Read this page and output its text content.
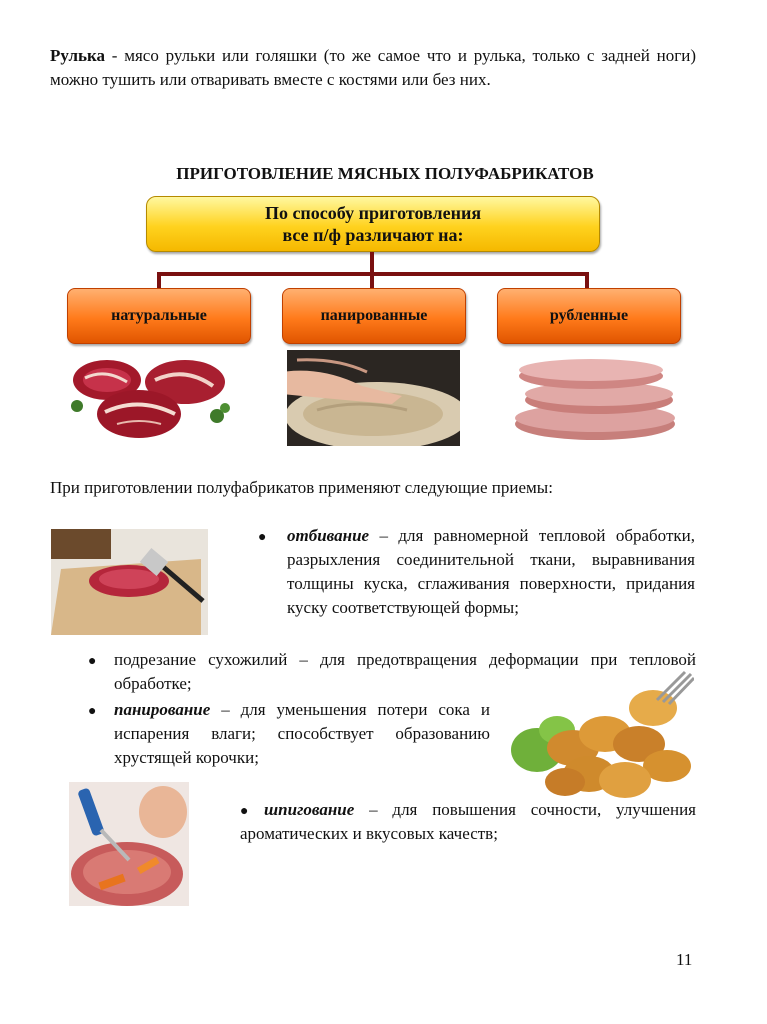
Рулька - мясо рульки или голяшки (то же самое что и рулька, только с задней ноги) можно тушить или отваривать вместе с костями или без них.
ПРИГОТОВЛЕНИЕ МЯСНЫХ ПОЛУФАБРИКАТОВ
По способу приготовления
все п/ф различают на:
натуральные	панированные	рубленные
При приготовлении полуфабрикатов применяют следующие приемы:
● отбивание – для равномерной тепловой обработки, разрыхления соединительной ткани, выравнивания толщины куска, сглаживания поверхности, придания куску соответствующей формы;
● подрезание сухожилий – для предотвращения деформации при тепловой обработке;
● панирование – для уменьшения потери сока и испарения влаги; способствует образованию хрустящей корочки;
● шпигование – для повышения сочности, улучшения ароматических и вкусовых качеств;
11
